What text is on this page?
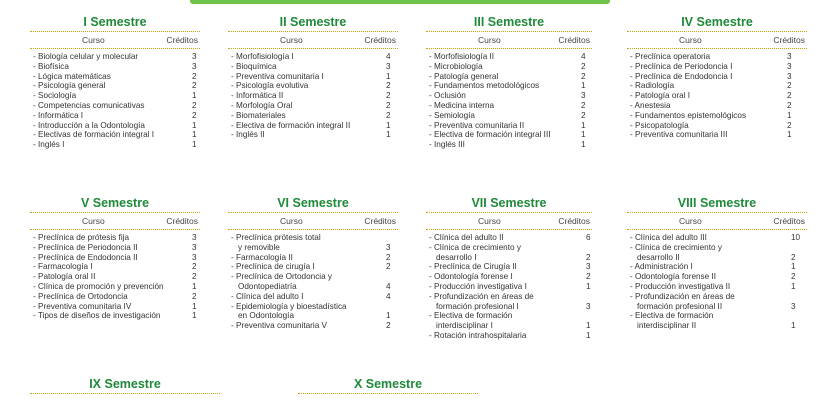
I Semestre
Curso	Créditos
- Biología celular y molecular	3
- Biofísica	3
- Lógica matemáticas	2
- Psicología general	2
- Sociología	1
- Competencias comunicativas	2
- Informática I	2
- Introducción a la Odontología	1
- Electivas de formación integral I	1
- Inglés I	1
II Semestre
Curso	Créditos
- Morfofisiología I	4
- Bioquímica	3
- Preventiva comunitaria I	1
- Psicología evolutiva	2
- Informática II	2
- Morfología Oral	2
- Biomateriales	2
- Electiva de formación integral II	1
- Inglés II	1
III Semestre
Curso	Créditos
- Morfofisiología II	4
- Microbiología	2
- Patología general	2
- Fundamentos metodológicos	1
- Oclusión	3
- Medicina interna	2
- Semiología	2
- Preventiva comunitaria II	1
- Electiva de formación integral III	1
- Inglés III	1
IV Semestre
Curso	Créditos
- Preclínica operatoria	3
- Preclínica de Periodoncia I	3
- Preclínica de Endodoncia I	3
- Radiología	2
- Patología oral I	2
- Anestesia	2
- Fundamentos epistemológicos	1
- Psicopatología	2
- Preventiva comunitaria III	1
V Semestre
Curso	Créditos
- Preclínica de prótesis fija	3
- Preclínica de Periodoncia II	3
- Preclínica de Endodoncia II	3
- Farmacología I	2
- Patología oral II	2
- Clínica de promoción y prevención	1
- Preclínica de Ortodoncia	2
- Preventiva comunitaria IV	1
- Tipos de diseños de investigación	1
VI Semestre
Curso	Créditos
- Preclínica prótesis total
y removible	3
- Farmacología II	2
- Preclínica de cirugía I	2
- Preclínica de Ortodoncia y
Odontopediatría	4
- Clínica del adulto I	4
- Epidemiología y bioestadística
en Odontología	1
- Preventiva comunitaria V	2
VII Semestre
Curso	Créditos
- Clínica del adulto II	6
- Clínica de crecimiento y
desarrollo I	2
- Preclínica de Cirugía II	3
- Odontología forense I	2
- Producción investigativa I	1
- Profundización en áreas de
formación profesional I	3
- Electiva de formación
interdisciplinar I	1
- Rotación intrahospitalaria	1
VIII Semestre
Curso	Créditos
- Clínica del adulto III	10
- Clínica de crecimiento y
desarrollo II	2
- Administración I	1
- Odontología forense II	2
- Producción investigativa II	1
- Profundización en áreas de
formación profesional II	3
- Electiva de formación
interdisciplinar II	1
IX Semestre	X Semestre
